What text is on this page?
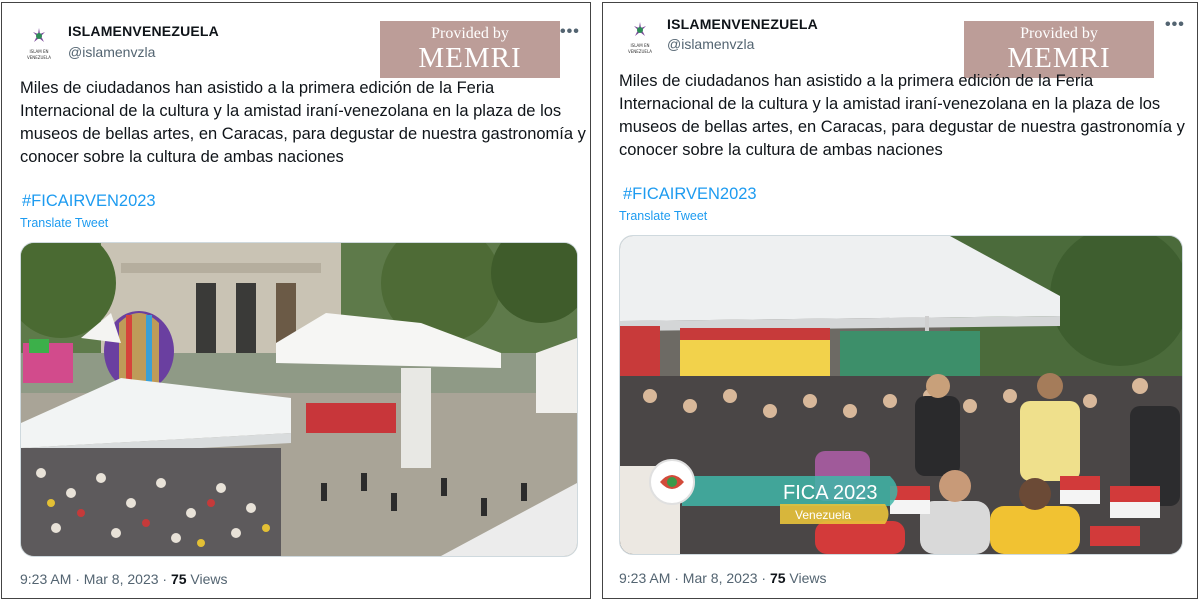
ISLAM EN VENEZUELA
ISLAMENVENEZUELA
@islamenvzla
•••
Provided by
MEMRI
Miles de ciudadanos han asistido a la primera edición de la Feria
Internacional de la cultura y la amistad iraní-venezolana en la plaza de los
museos de bellas artes, en Caracas, para degustar de nuestra gastronomía y
conocer sobre la cultura de ambas naciones
#FICAIRVEN2023
Translate Tweet
9:23 AM · Mar 8, 2023 · 75 Views
ISLAM EN VENEZUELA
ISLAMENVENEZUELA
@islamenvzla
•••
Provided by
MEMRI
Miles de ciudadanos han asistido a la primera edición de la Feria
Internacional de la cultura y la amistad iraní-venezolana en la plaza de los
museos de bellas artes, en Caracas, para degustar de nuestra gastronomía y
conocer sobre la cultura de ambas naciones
#FICAIRVEN2023
Translate Tweet
FICA 2023
Venezuela
9:23 AM · Mar 8, 2023 · 75 Views
